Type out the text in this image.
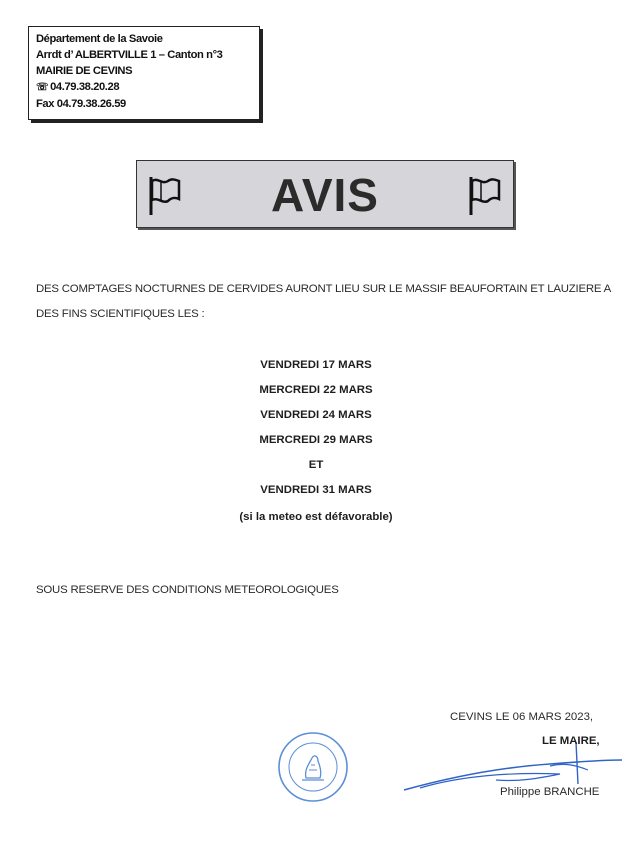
Département de la Savoie
Arrdt d’ ALBERTVILLE 1 – Canton n°3
MAIRIE DE CEVINS
☏ 04.79.38.20.28
Fax 04.79.38.26.59
AVIS
DES COMPTAGES NOCTURNES DE CERVIDES AURONT LIEU SUR LE MASSIF BEAUFORTAIN ET LAUZIERE A
DES FINS SCIENTIFIQUES LES :
VENDREDI 17 MARS
MERCREDI 22 MARS
VENDREDI 24 MARS
MERCREDI 29 MARS
ET
VENDREDI 31 MARS
(si la meteo est défavorable)
SOUS RESERVE DES CONDITIONS METEOROLOGIQUES
CEVINS LE 06 MARS 2023,
LE MAIRE,
Philippe BRANCHE
